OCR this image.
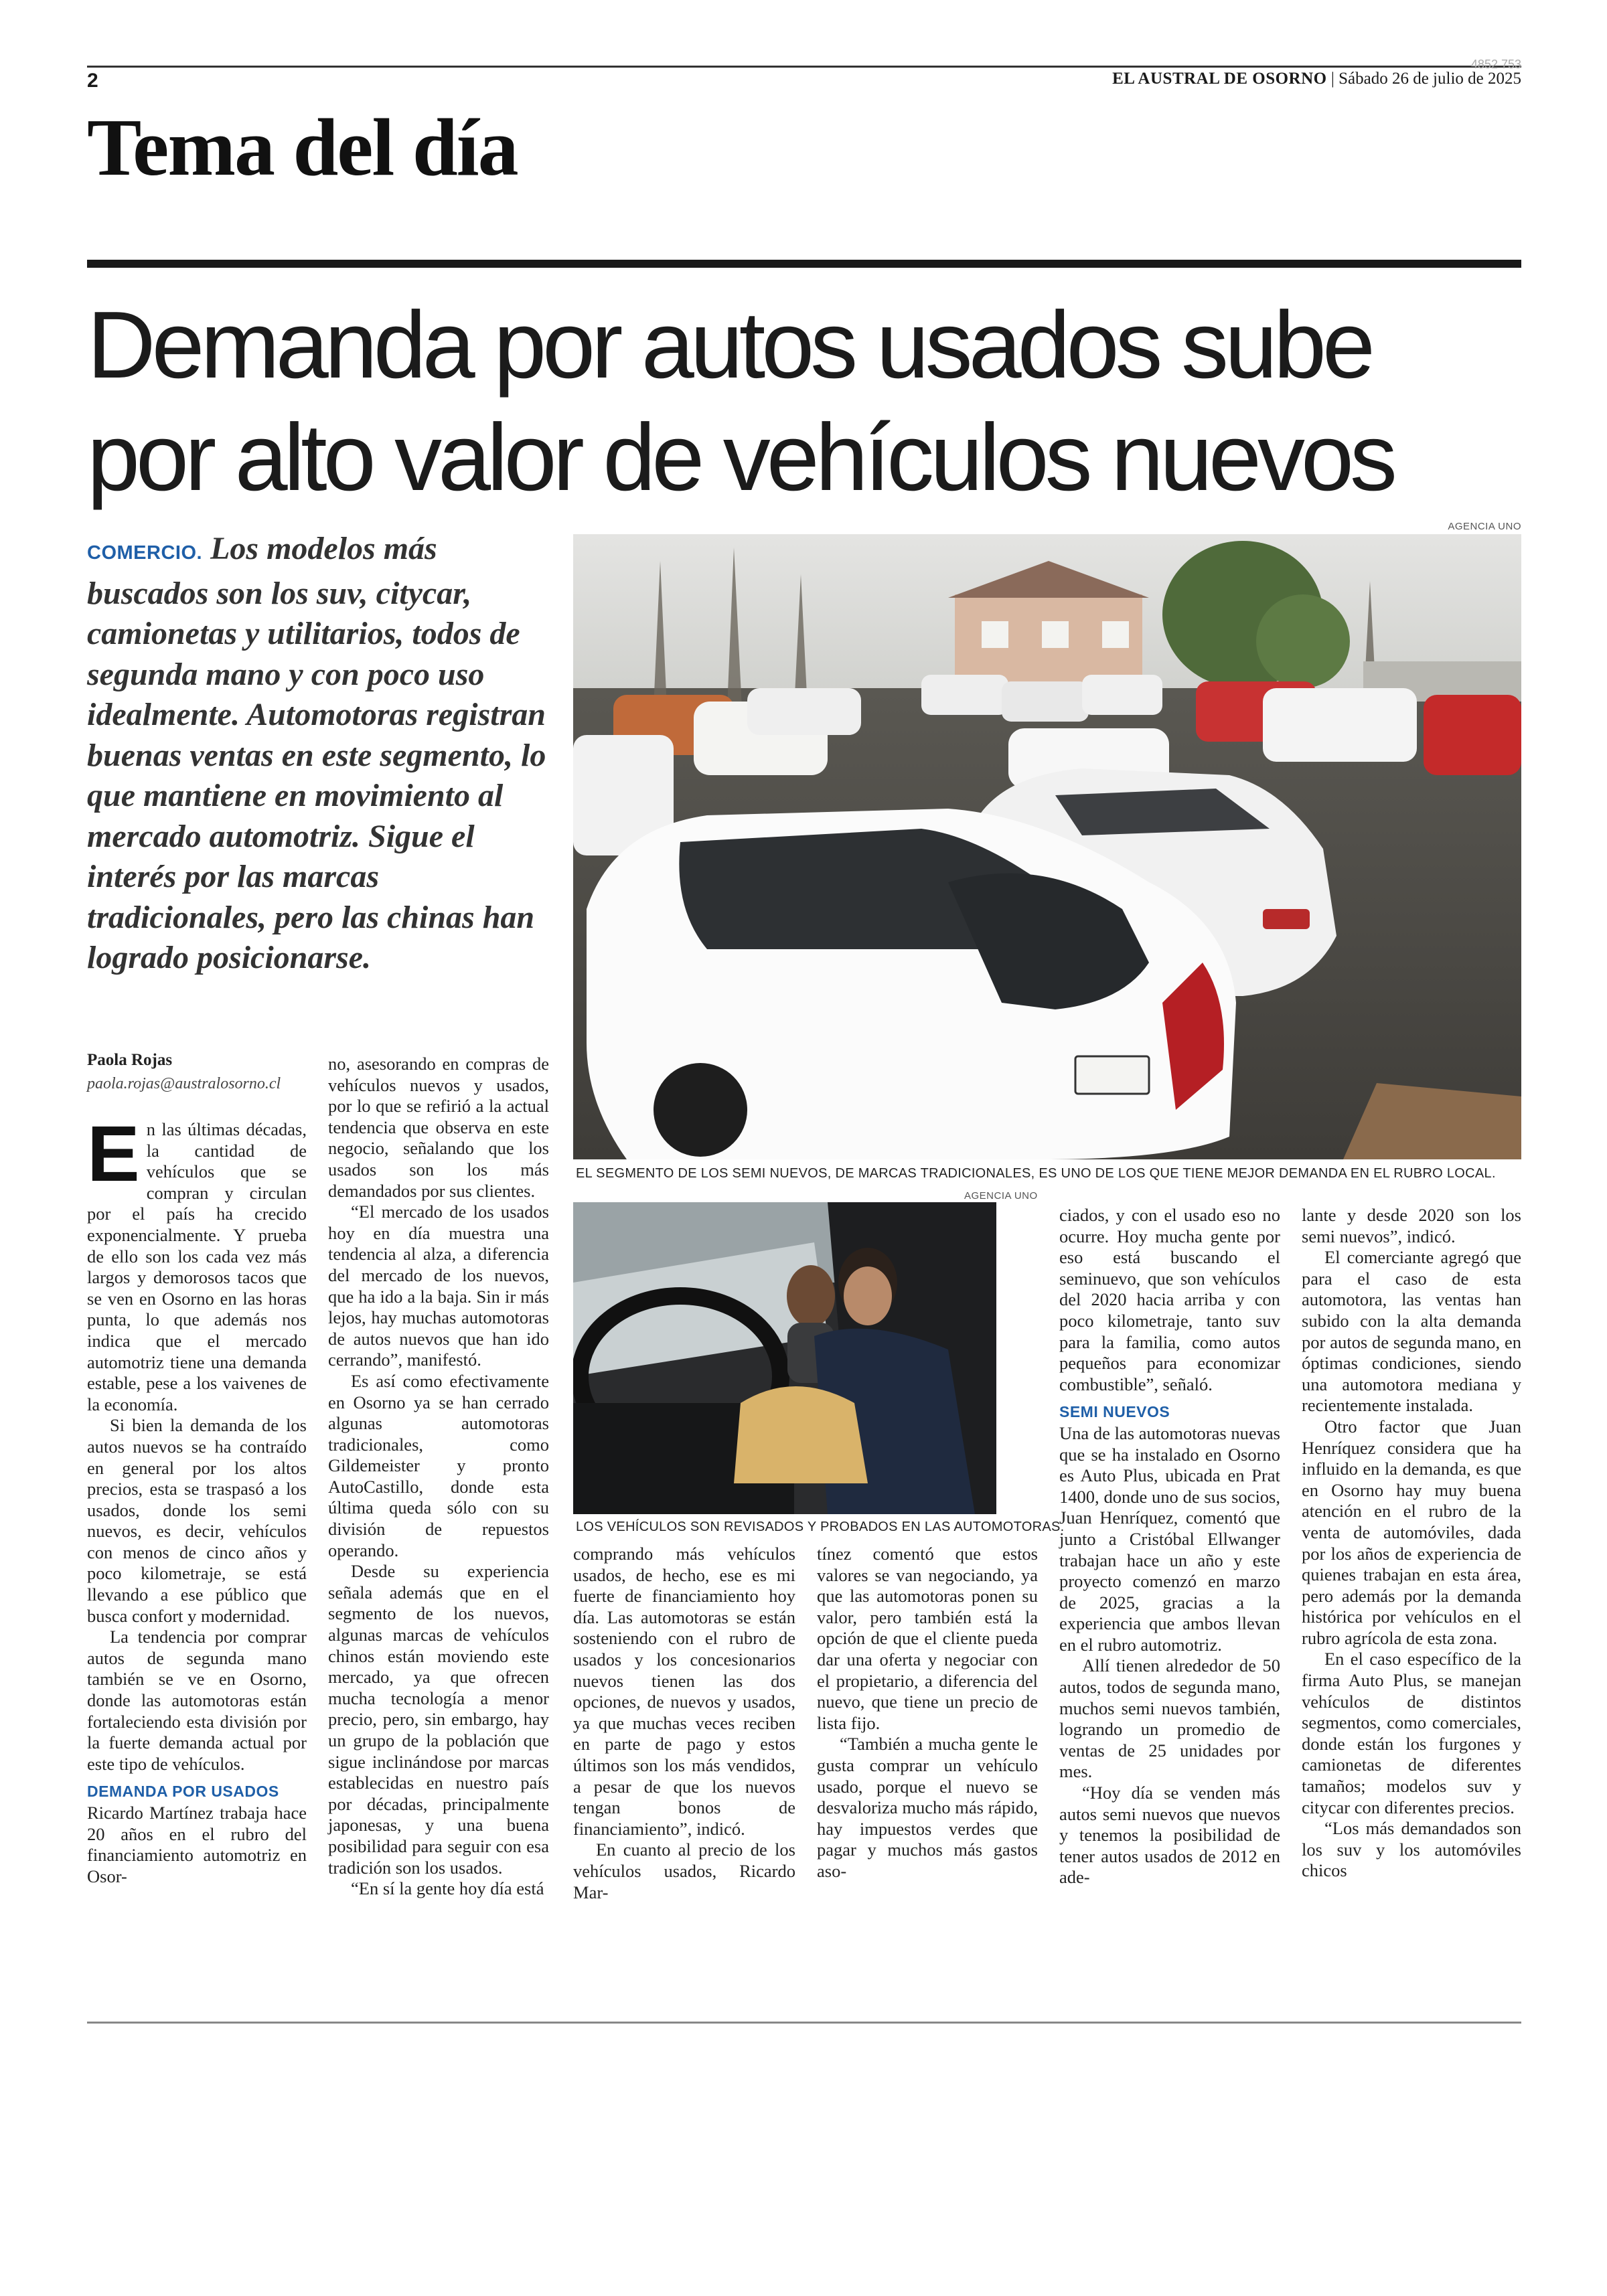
2
4852 753
EL AUSTRAL DE OSORNO | Sábado 26 de julio de 2025
Tema del día
Demanda por autos usados sube
por alto valor de vehículos nuevos
COMERCIO. Los modelos más buscados son los suv, citycar, camionetas y utilitarios, todos de segunda mano y con poco uso idealmente. Automotoras registran buenas ventas en este segmento, lo que mantiene en movimiento al mercado automotriz. Sigue el interés por las marcas tradicionales, pero las chinas han logrado posicionarse.
AGENCIA UNO
EL SEGMENTO DE LOS SEMI NUEVOS, DE MARCAS TRADICIONALES, ES UNO DE LOS QUE TIENE MEJOR DEMANDA EN EL RUBRO LOCAL.
AGENCIA UNO
LOS VEHÍCULOS SON REVISADOS Y PROBADOS EN LAS AUTOMOTORAS.
Paola Rojas
paola.rojas@australosorno.cl

En las últimas décadas, la cantidad de vehículos que se compran y circulan por el país ha crecido exponencialmente. Y prueba de ello son los cada vez más largos y demorosos tacos que se ven en Osorno en las horas punta, lo que además nos indica que el mercado automotriz tiene una demanda estable, pese a los vaivenes de la economía.

Si bien la demanda de los autos nuevos se ha contraído en general por los altos precios, esta se traspasó a los usados, donde los semi nuevos, es decir, vehículos con menos de cinco años y poco kilometraje, se está llevando a ese público que busca confort y modernidad.

La tendencia por comprar autos de segunda mano también se ve en Osorno, donde las automotoras están fortaleciendo esta división por la fuerte demanda actual por este tipo de vehículos.

DEMANDA POR USADOS

Ricardo Martínez trabaja hace 20 años en el rubro del financiamiento automotriz en Osor-

no, asesorando en compras de vehículos nuevos y usados, por lo que se refirió a la actual tendencia que observa en este negocio, señalando que los usados son los más demandados por sus clientes.

“El mercado de los usados hoy en día muestra una tendencia al alza, a diferencia del mercado de los nuevos, que ha ido a la baja. Sin ir más lejos, hay muchas automotoras de autos nuevos que han ido cerrando”, manifestó.

Es así como efectivamente en Osorno ya se han cerrado algunas automotoras tradicionales, como Gildemeister y pronto AutoCastillo, donde esta última queda sólo con su división de repuestos operando.

Desde su experiencia señala además que en el segmento de los nuevos, algunas marcas de vehículos chinos están moviendo este mercado, ya que ofrecen mucha tecnología a menor precio, pero, sin embargo, hay un grupo de la población que sigue inclinándose por marcas establecidas en nuestro país por décadas, principalmente japonesas, y una buena posibilidad para seguir con esa tradición son los usados.

“En sí la gente hoy día está

comprando más vehículos usados, de hecho, ese es mi fuerte de financiamiento hoy día. Las automotoras se están sosteniendo con el rubro de usados y los concesionarios nuevos tienen las dos opciones, de nuevos y usados, ya que muchas veces reciben en parte de pago y estos últimos son los más vendidos, a pesar de que los nuevos tengan bonos de financiamiento”, indicó.

En cuanto al precio de los vehículos usados, Ricardo Mar-

tínez comentó que estos valores se van negociando, ya que las automotoras ponen su valor, pero también está la opción de que el cliente pueda dar una oferta y negociar con el propietario, a diferencia del nuevo, que tiene un precio de lista fijo.

“También a mucha gente le gusta comprar un vehículo usado, porque el nuevo se desvaloriza mucho más rápido, hay impuestos verdes que pagar y muchos más gastos aso-

ciados, y con el usado eso no ocurre. Hoy mucha gente por eso está buscando el seminuevo, que son vehículos del 2020 hacia arriba y con poco kilometraje, tanto suv para la familia, como autos pequeños para economizar combustible”, señaló.

SEMI NUEVOS

Una de las automotoras nuevas que se ha instalado en Osorno es Auto Plus, ubicada en Prat 1400, donde uno de sus socios, Juan Henríquez, comentó que junto a Cristóbal Ellwanger trabajan hace un año y este proyecto comenzó en marzo de 2025, gracias a la experiencia que ambos llevan en el rubro automotriz.

Allí tienen alrededor de 50 autos, todos de segunda mano, muchos semi nuevos también, logrando un promedio de ventas de 25 unidades por mes.

“Hoy día se venden más autos semi nuevos que nuevos y tenemos la posibilidad de tener autos usados de 2012 en ade-

lante y desde 2020 son los semi nuevos”, indicó.

El comerciante agregó que para el caso de esta automotora, las ventas han subido con la alta demanda por autos de segunda mano, en óptimas condiciones, siendo una automotora mediana y recientemente instalada.

Otro factor que Juan Henríquez considera que ha influido en la demanda, es que en Osorno hay muy buena atención en el rubro de la venta de automóviles, dada por los años de experiencia de quienes trabajan en esta área, pero además por la demanda histórica por vehículos en el rubro agrícola de esta zona.

En el caso específico de la firma Auto Plus, se manejan vehículos de distintos segmentos, como comerciales, donde están los furgones y camionetas de diferentes tamaños; modelos suv y citycar con diferentes precios.

“Los más demandados son los suv y los automóviles chicos
